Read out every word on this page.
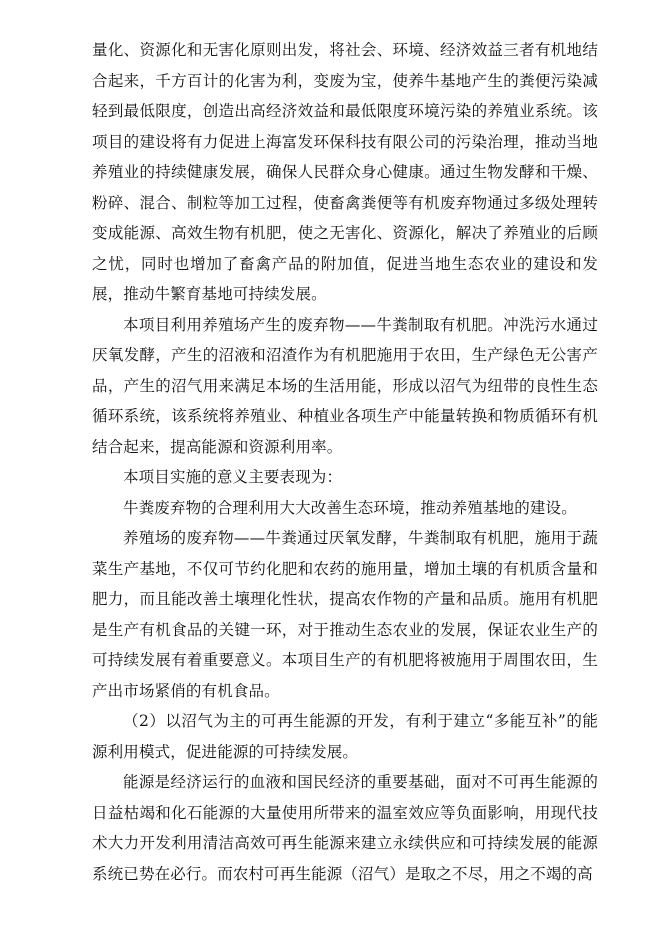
量化、资源化和无害化原则出发，将社会、环境、经济效益三者有机地结合起来，千方百计的化害为利，变废为宝，使养牛基地产生的粪便污染减轻到最低限度，创造出高经济效益和最低限度环境污染的养殖业系统。该项目的建设将有力促进上海富发环保科技有限公司的污染治理，推动当地养殖业的持续健康发展，确保人民群众身心健康。通过生物发酵和干燥、粉碎、混合、制粒等加工过程，使畜禽粪便等有机废弃物通过多级处理转变成能源、高效生物有机肥，使之无害化、资源化，解决了养殖业的后顾之忧，同时也增加了畜禽产品的附加值，促进当地生态农业的建设和发展，推动牛繁育基地可持续发展。

本项目利用养殖场产生的废弃物——牛粪制取有机肥。冲洗污水通过厌氧发酵，产生的沼液和沼渣作为有机肥施用于农田，生产绿色无公害产品，产生的沼气用来满足本场的生活用能，形成以沼气为纽带的良性生态循环系统，该系统将养殖业、种植业各项生产中能量转换和物质循环有机结合起来，提高能源和资源利用率。

本项目实施的意义主要表现为：

牛粪废弃物的合理利用大大改善生态环境，推动养殖基地的建设。

养殖场的废弃物——牛粪通过厌氧发酵，牛粪制取有机肥，施用于蔬菜生产基地，不仅可节约化肥和农药的施用量，增加土壤的有机质含量和肥力，而且能改善土壤理化性状，提高农作物的产量和品质。施用有机肥是生产有机食品的关键一环，对于推动生态农业的发展，保证农业生产的可持续发展有着重要意义。本项目生产的有机肥将被施用于周围农田，生产出市场紧俏的有机食品。

（2）以沼气为主的可再生能源的开发，有利于建立“多能互补”的能源利用模式，促进能源的可持续发展。

能源是经济运行的血液和国民经济的重要基础，面对不可再生能源的日益枯竭和化石能源的大量使用所带来的温室效应等负面影响，用现代技术大力开发利用清洁高效可再生能源来建立永续供应和可持续发展的能源系统已势在必行。而农村可再生能源（沼气）是取之不尽，用之不竭的高
